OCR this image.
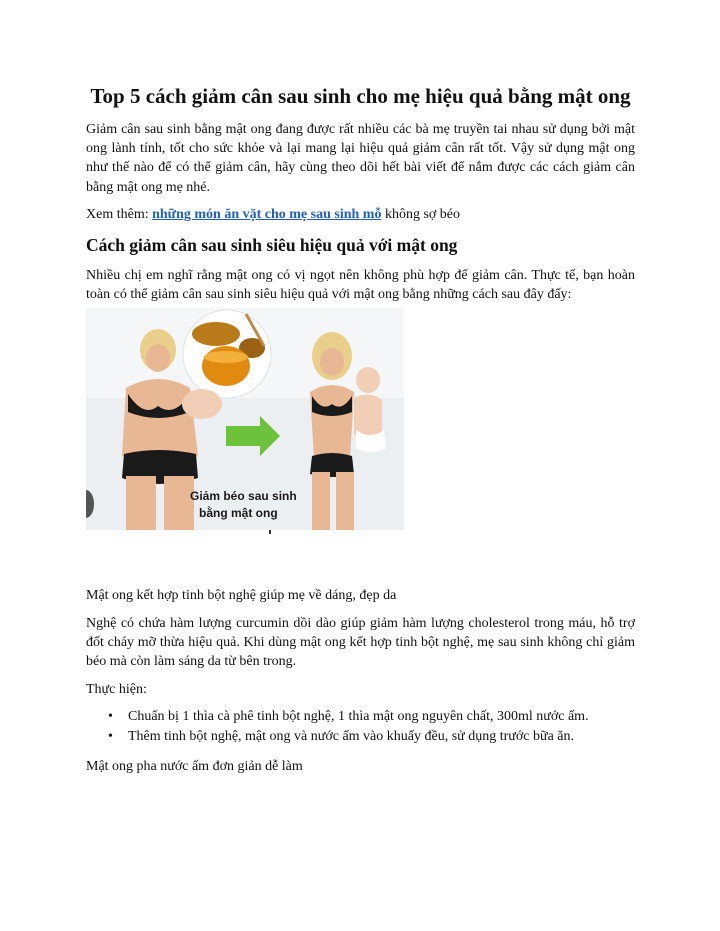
Top 5 cách giảm cân sau sinh cho mẹ hiệu quả bằng mật ong

Giảm cân sau sinh bằng mật ong đang được rất nhiều các bà mẹ truyền tai nhau sử dụng bởi mật ong lành tính, tốt cho sức khỏe và lại mang lại hiệu quả giảm cân rất tốt. Vậy sử dụng mật ong như thế nào để có thể giảm cân, hãy cùng theo dõi hết bài viết để nắm được các cách giảm cân bằng mật ong mẹ nhé.

Xem thêm: những món ăn vặt cho mẹ sau sinh mỗ không sợ béo

Cách giảm cân sau sinh siêu hiệu quả với mật ong

Nhiều chị em nghĩ rằng mật ong có vị ngọt nên không phù hợp để giảm cân. Thực tế, bạn hoàn toàn có thể giảm cân sau sinh siêu hiệu quả với mật ong bằng những cách sau đây đấy:

Giảm béo sau sinh
bằng mật ong

Mật ong kết hợp tinh bột nghệ giúp mẹ về dáng, đẹp da

Nghệ có chứa hàm lượng curcumin dồi dào giúp giảm hàm lượng cholesterol trong máu, hỗ trợ đốt cháy mỡ thừa hiệu quả. Khi dùng mật ong kết hợp tinh bột nghệ, mẹ sau sinh không chỉ giảm béo mà còn làm sáng da từ bên trong.

Thực hiện:

• Chuẩn bị 1 thìa cà phê tinh bột nghệ, 1 thìa mật ong nguyên chất, 300ml nước ấm.
• Thêm tinh bột nghệ, mật ong và nước ấm vào khuấy đều, sử dụng trước bữa ăn.

Mật ong pha nước ấm đơn giản dễ làm
